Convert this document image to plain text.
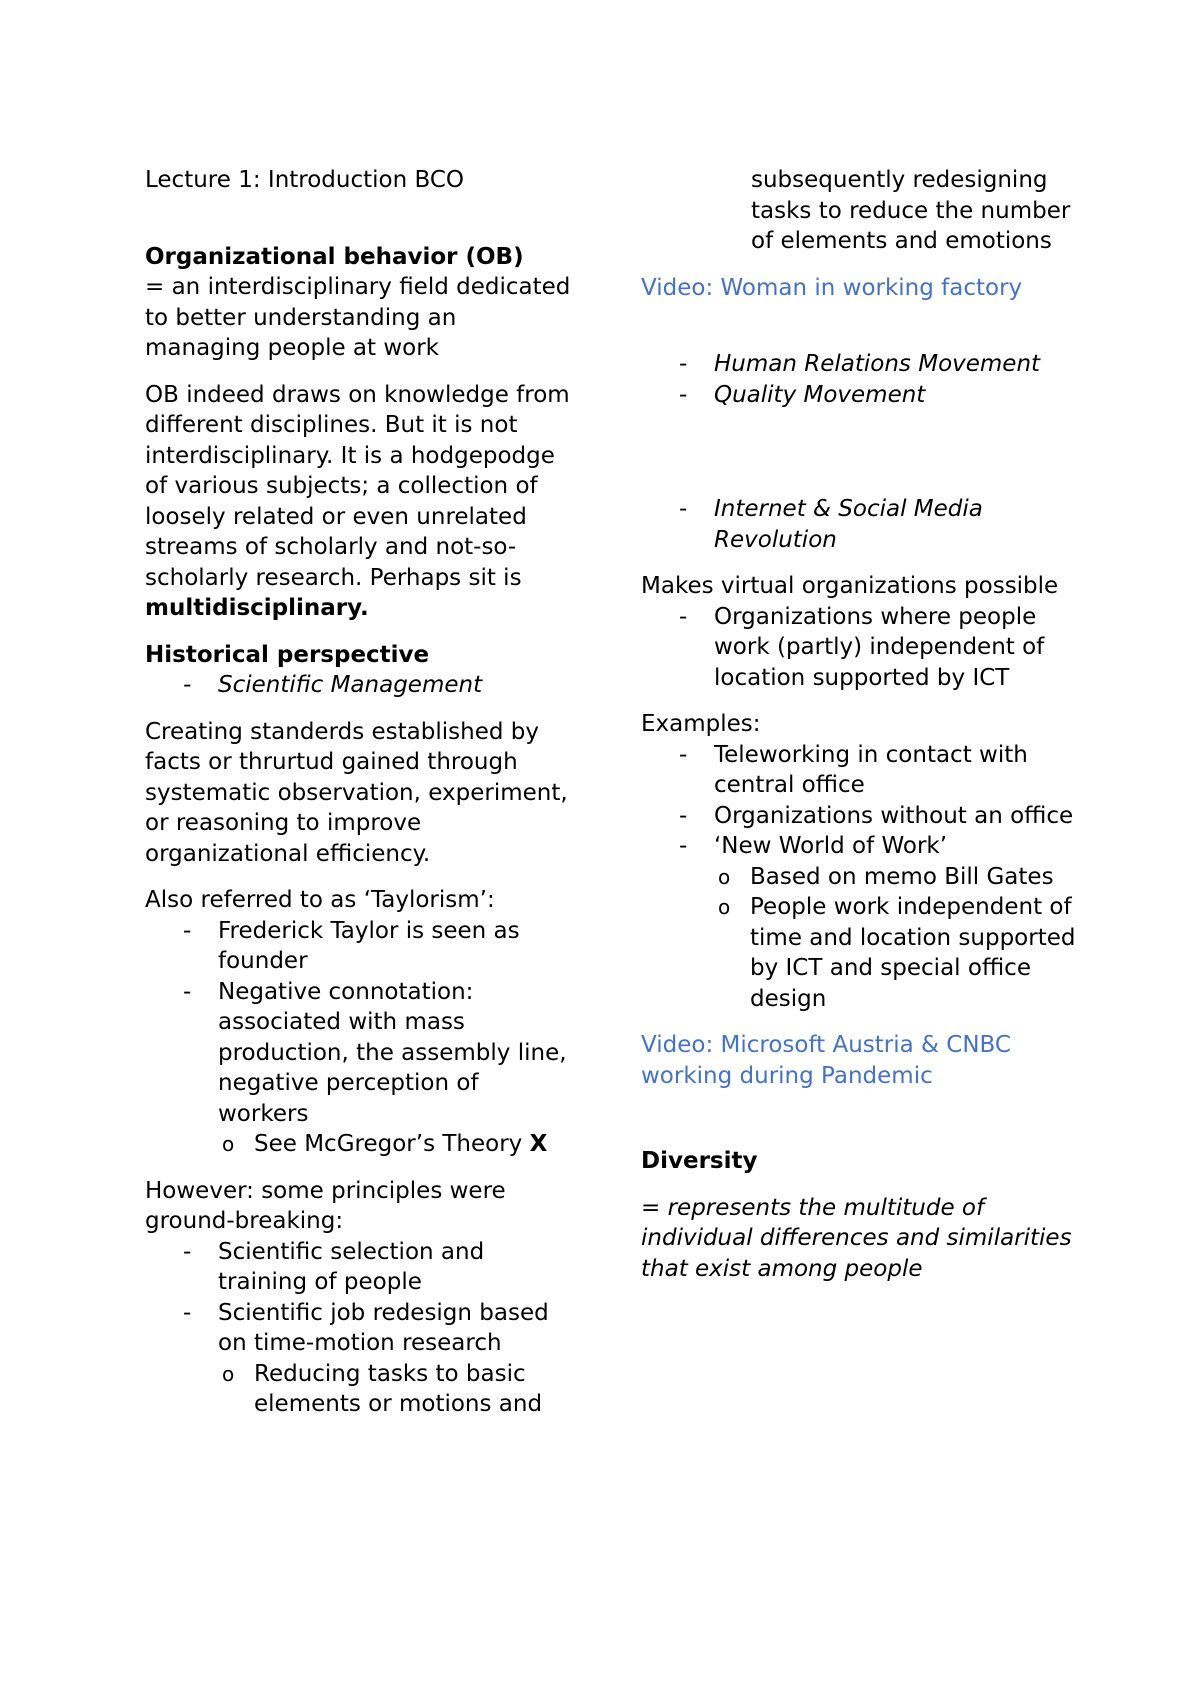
Lecture 1: Introduction BCO

Organizational behavior (OB)

= an interdisciplinary field dedicated to better understanding an managing people at work

OB indeed draws on knowledge from different disciplines. But it is not interdisciplinary. It is a hodgepodge of various subjects; a collection of loosely related or even unrelated streams of scholarly and not-so-scholarly research. Perhaps sit is multidisciplinary.

Historical perspective

- Scientific Management

Creating standerds established by facts or thrurtud gained through systematic observation, experiment, or reasoning to improve organizational efficiency.

Also referred to as ‘Taylorism’:

- Frederick Taylor is seen as founder
- Negative connotation: associated with mass production, the assembly line, negative perception of workers
o See McGregor’s Theory X

However: some principles were ground-breaking:

- Scientific selection and training of people
- Scientific job redesign based on time-motion research
o Reducing tasks to basic elements or motions and

subsequently redesigning tasks to reduce the number of elements and emotions

Video: Woman in working factory

- Human Relations Movement
- Quality Movement
- Internet & Social Media Revolution

Makes virtual organizations possible

- Organizations where people work (partly) independent of location supported by ICT

Examples:

- Teleworking in contact with central office
- Organizations without an office
- ‘New World of Work’
o Based on memo Bill Gates
o People work independent of time and location supported by ICT and special office design

Video: Microsoft Austria & CNBC working during Pandemic

Diversity

= represents the multitude of individual differences and similarities that exist among people
